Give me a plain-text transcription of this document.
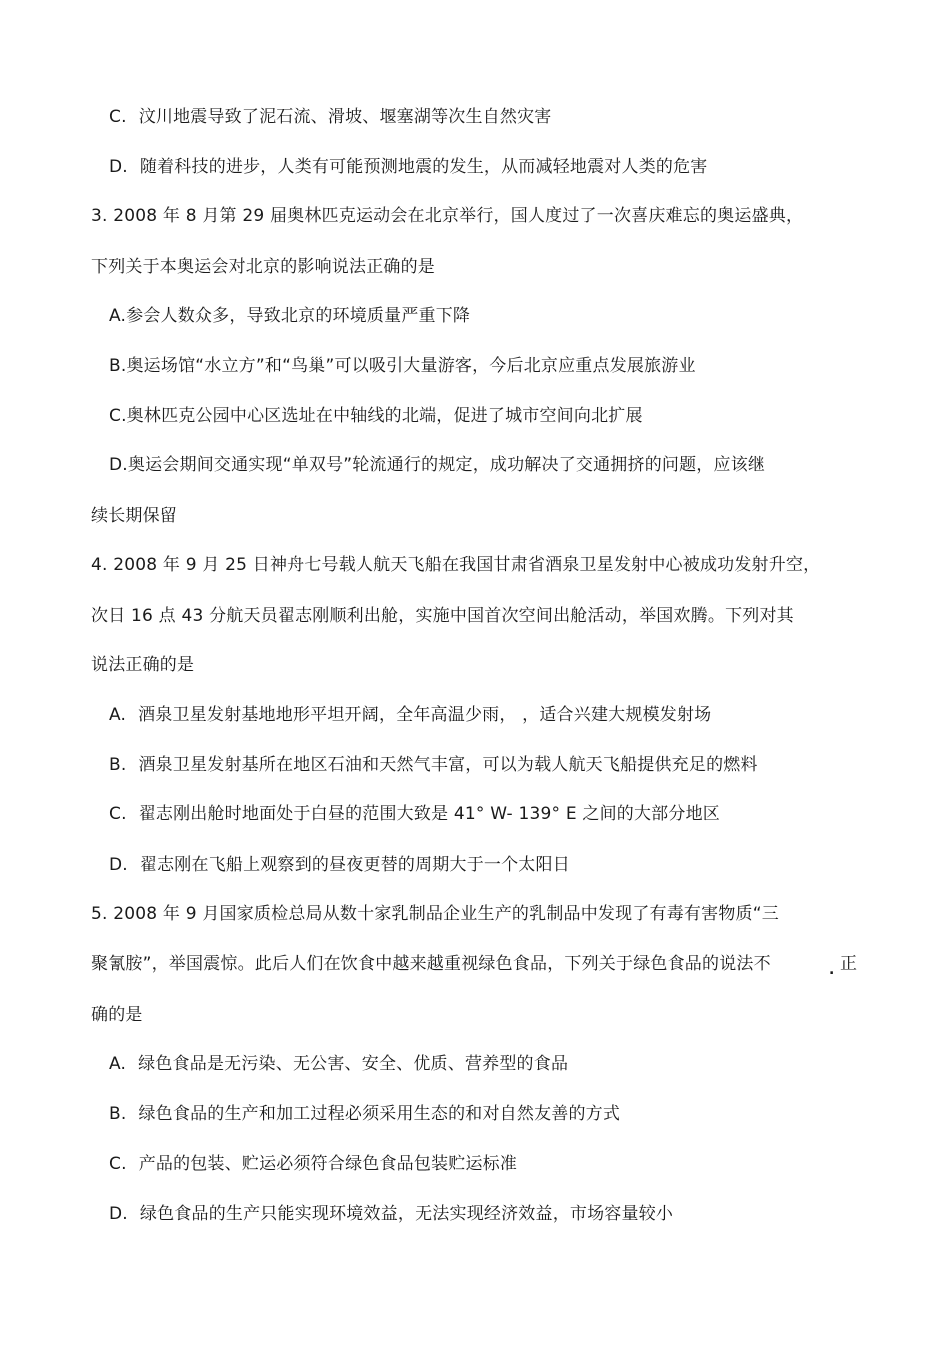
C. 汶川地震导致了泥石流、滑坡、堰塞湖等次生自然灾害
D. 随着科技的进步，人类有可能预测地震的发生，从而减轻地震对人类的危害
3. 2008 年 8 月第 29 届奥林匹克运动会在北京举行，国人度过了一次喜庆难忘的奥运盛典，
下列关于本奥运会对北京的影响说法正确的是
A.参会人数众多，导致北京的环境质量严重下降
B.奥运场馆“水立方”和“鸟巢”可以吸引大量游客，今后北京应重点发展旅游业
C.奥林匹克公园中心区选址在中轴线的北端，促进了城市空间向北扩展
D.奥运会期间交通实现“单双号”轮流通行的规定，成功解决了交通拥挤的问题，应该继
续长期保留
4. 2008 年 9 月 25 日神舟七号载人航天飞船在我国甘肃省酒泉卫星发射中心被成功发射升空，
次日 16 点 43 分航天员翟志刚顺利出舱，实施中国首次空间出舱活动，举国欢腾。下列对其
说法正确的是
A. 酒泉卫星发射基地地形平坦开阔，全年高温少雨， ，适合兴建大规模发射场
B. 酒泉卫星发射基所在地区石油和天然气丰富，可以为载人航天飞船提供充足的燃料
C. 翟志刚出舱时地面处于白昼的范围大致是 41° W- 139° E 之间的大部分地区
D. 翟志刚在飞船上观察到的昼夜更替的周期大于一个太阳日
5. 2008 年 9 月国家质检总局从数十家乳制品企业生产的乳制品中发现了有毒有害物质“三
聚氰胺”，举国震惊。此后人们在饮食中越来越重视绿色食品，下列关于绿色食品的说法不	正
.
确的是
A. 绿色食品是无污染、无公害、安全、优质、营养型的食品
B. 绿色食品的生产和加工过程必须采用生态的和对自然友善的方式
C. 产品的包装、贮运必须符合绿色食品包装贮运标准
D. 绿色食品的生产只能实现环境效益，无法实现经济效益，市场容量较小
